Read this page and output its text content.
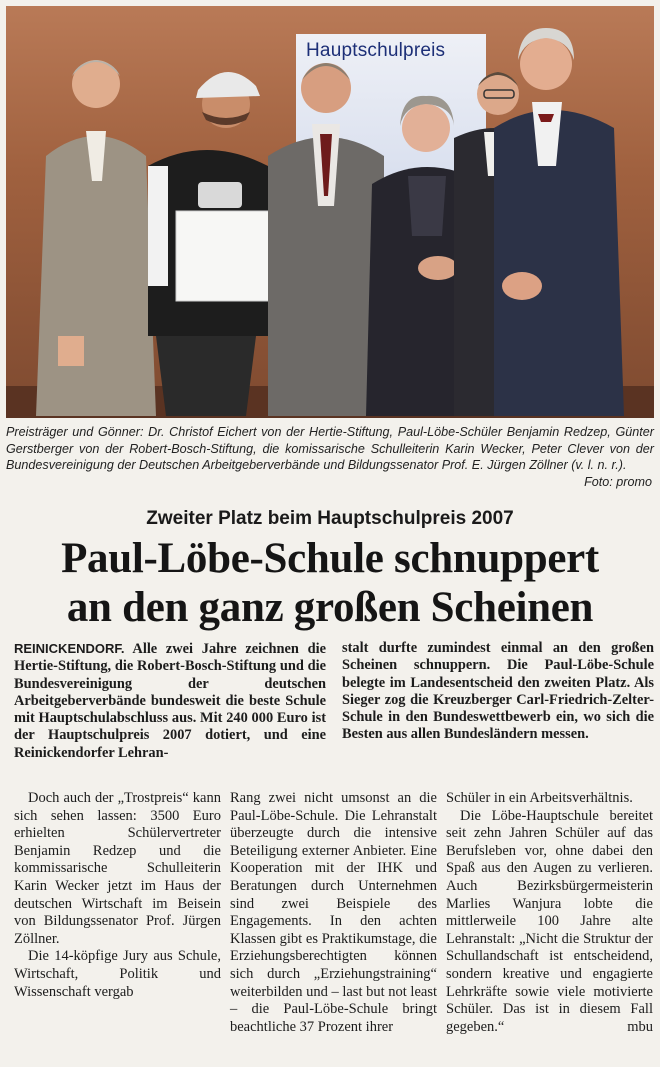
Hauptschulpreis
Preisträger und Gönner: Dr. Christof Eichert von der Hertie-Stiftung, Paul-Löbe-Schüler Benjamin Redzep, Günter Gerstberger von der Robert-Bosch-Stiftung, die komissarische Schulleiterin Karin Wecker, Peter Clever von der Bundesvereinigung der Deutschen Arbeitgeberverbände und Bildungssenator Prof. E. Jürgen Zöllner (v. l. n. r.).
Foto: promo
Zweiter Platz beim Hauptschulpreis 2007
Paul-Löbe-Schule schnuppert
an den ganz großen Scheinen

REINICKENDORF. Alle zwei Jahre zeichnen die Hertie-Stiftung, die Robert-Bosch-Stiftung und die Bundesvereinigung der deutschen Arbeitgeberverbände bundesweit die beste Schule mit Hauptschulabschluss aus. Mit 240 000 Euro ist der Hauptschulpreis 2007 dotiert, und eine Reinickendorfer Lehran-

stalt durfte zumindest einmal an den großen Scheinen schnuppern. Die Paul-Löbe-Schule belegte im Landesentscheid den zweiten Platz. Als Sieger zog die Kreuzberger Carl-Friedrich-Zelter-Schule in den Bundeswettbewerb ein, wo sich die Besten aus allen Bundesländern messen.

Doch auch der „Trostpreis“ kann sich sehen lassen: 3500 Euro erhielten Schülervertreter Benjamin Redzep und die kommissarische Schulleiterin Karin Wecker jetzt im Haus der deutschen Wirtschaft im Beisein von Bildungssenator Prof. Jürgen Zöllner.

Die 14-köpfige Jury aus Schule, Wirtschaft, Politik und Wissenschaft vergab

Rang zwei nicht umsonst an die Paul-Löbe-Schule. Die Lehranstalt überzeugte durch die intensive Beteiligung externer Anbieter. Eine Kooperation mit der IHK und Beratungen durch Unternehmen sind zwei Beispiele des Engagements. In den achten Klassen gibt es Praktikumstage, die Erziehungsberechtigten können sich durch „Erziehungstraining“ weiterbilden und – last but not least – die Paul-Löbe-Schule bringt beachtliche 37 Prozent ihrer

Schüler in ein Arbeitsverhältnis.

Die Löbe-Hauptschule bereitet seit zehn Jahren Schüler auf das Berufsleben vor, ohne dabei den Spaß aus den Augen zu verlieren. Auch Bezirksbürgermeisterin Marlies Wanjura lobte die mittlerweile 100 Jahre alte Lehranstalt: „Nicht die Struktur der Schullandschaft ist entscheidend, sondern kreative und engagierte Lehrkräfte sowie viele motivierte Schüler. Das ist in diesem Fall gegeben.“	mbu
